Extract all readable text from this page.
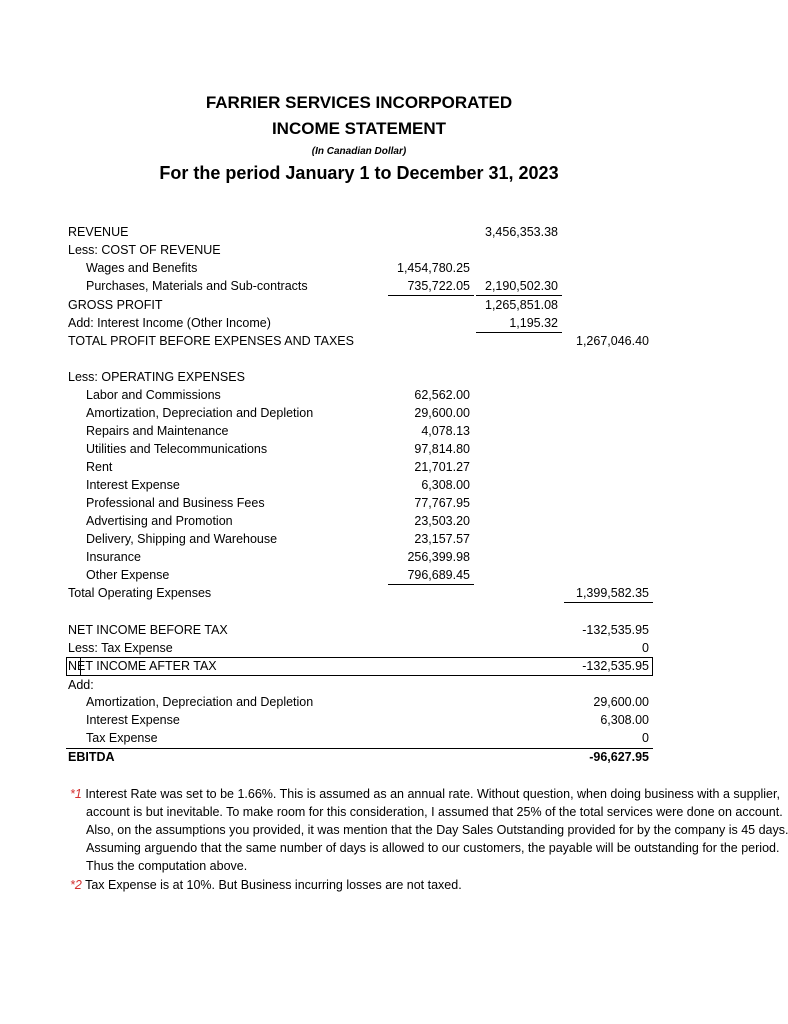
FARRIER SERVICES INCORPORATED
INCOME STATEMENT
(In Canadian Dollar)
For the period January 1 to December 31, 2023
REVENUE	3,456,353.38
Less: COST OF REVENUE
Wages and Benefits	1,454,780.25
Purchases, Materials and Sub-contracts	735,722.05	2,190,502.30
GROSS PROFIT	1,265,851.08
Add: Interest Income (Other Income)	1,195.32
TOTAL PROFIT BEFORE EXPENSES AND TAXES	1,267,046.40
Less: OPERATING EXPENSES
Labor and Commissions	62,562.00
Amortization, Depreciation and Depletion	29,600.00
Repairs and Maintenance	4,078.13
Utilities and Telecommunications	97,814.80
Rent	21,701.27
Interest Expense	6,308.00
Professional and Business Fees	77,767.95
Advertising and Promotion	23,503.20
Delivery, Shipping and Warehouse	23,157.57
Insurance	256,399.98
Other Expense	796,689.45
Total Operating Expenses	1,399,582.35
NET INCOME BEFORE TAX	-132,535.95
Less: Tax Expense	0
NET INCOME AFTER TAX	-132,535.95
Add:
Amortization, Depreciation and Depletion	29,600.00
Interest Expense	6,308.00
Tax Expense	0
EBITDA	-96,627.95
*1 Interest Rate was set to be 1.66%. This is assumed as an annual rate. Without question, when doing business with a supplier,
account is but inevitable. To make room for this consideration, I assumed that 25% of the total services were done on account.
Also, on the assumptions you provided, it was mention that the Day Sales Outstanding provided for by the company is 45 days.
Assuming arguendo that the same number of days is allowed to our customers, the payable will be outstanding for the period.
Thus the computation above.
*2 Tax Expense is at 10%. But Business incurring losses are not taxed.
